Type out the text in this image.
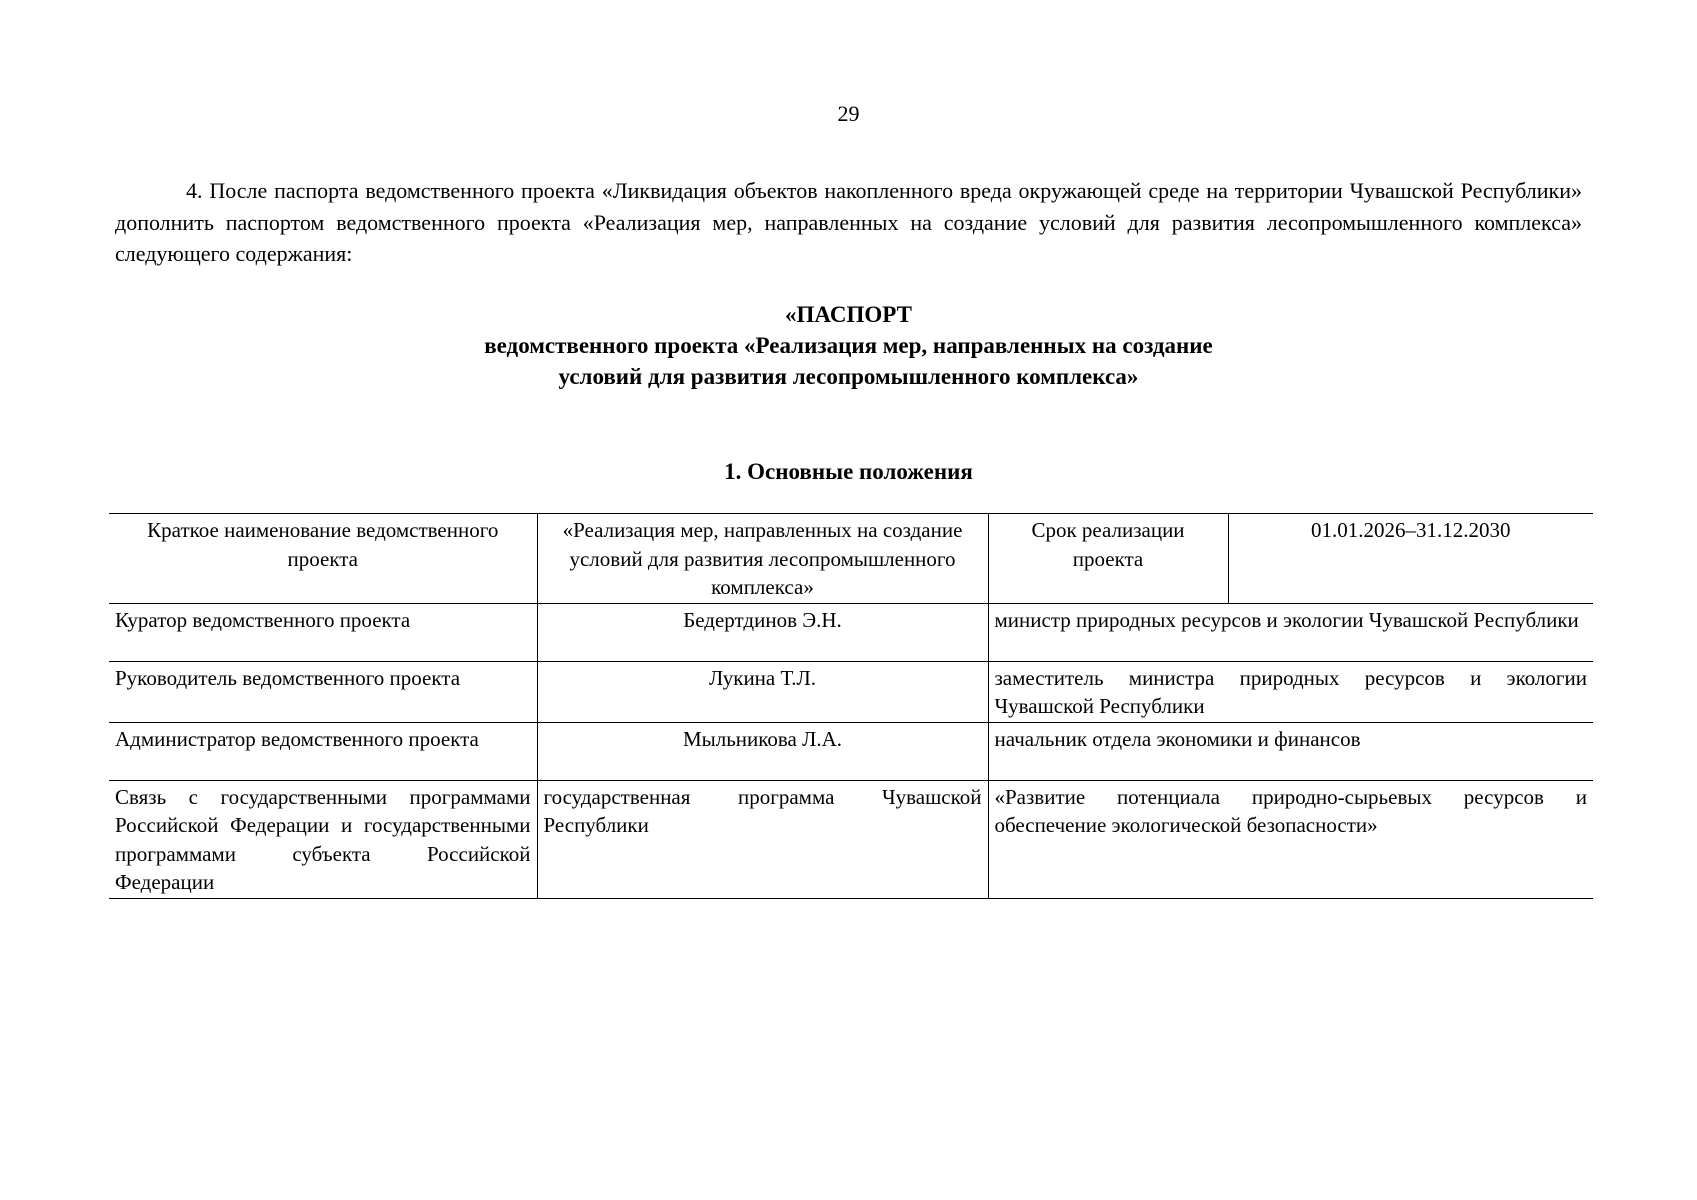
29

4. После паспорта ведомственного проекта «Ликвидация объектов накопленного вреда окружающей среде на территории Чувашской Республики» дополнить паспортом ведомственного проекта «Реализация мер, направленных на создание условий для развития лесопромышленного комплекса» следующего содержания:

«ПАСПОРТ
ведомственного проекта «Реализация мер, направленных на создание
условий для развития лесопромышленного комплекса»
1. Основные положения
Краткое наименование ведомственного проекта	«Реализация мер, направленных на создание условий для развития лесопромышленного комплекса»	Срок реализации проекта	01.01.2026–31.12.2030
Куратор ведомственного проекта	Бедертдинов Э.Н.	министр природных ресурсов и экологии Чувашской Республики	
Руководитель ведомственного проекта	Лукина Т.Л.	заместитель министра природных ресурсов и экологии Чувашской Республики	
Администратор ведомственного проекта	Мыльникова Л.А.	начальник отдела экономики и финансов	
Связь с государственными программами Российской Федерации и государственными программами субъекта Российской Федерации	государственная программа Чувашской Республики	«Развитие потенциала природно-сырьевых ресурсов и обеспечение экологической безопасности»	
